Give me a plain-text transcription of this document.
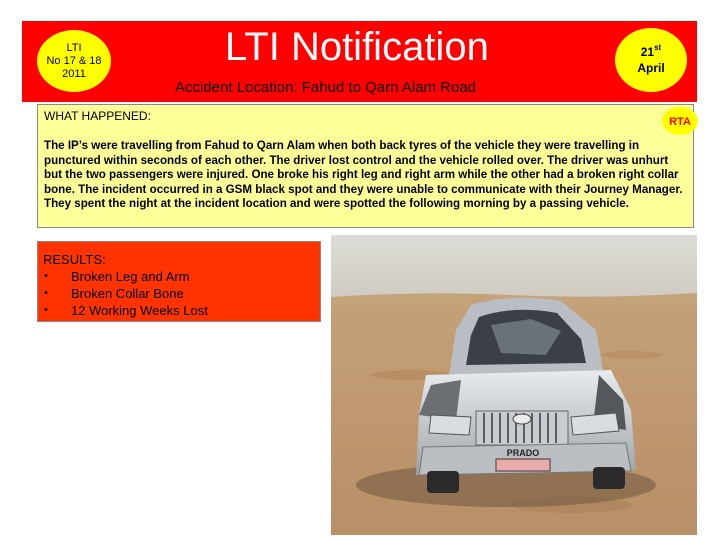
LTI
No 17 & 18
2011
LTI Notification	21st
April
Accident Location: Fahud to Qarn Alam Road
WHAT HAPPENED:
The IP’s were travelling from Fahud to Qarn Alam when both back tyres of the vehicle they were travelling in punctured within seconds of each other. The driver lost control and the vehicle rolled over. The driver was unhurt but the two passengers were injured. One broke his right leg and right arm while the other had a broken right collar bone. The incident occurred in a GSM black spot and they were unable to communicate with their Journey Manager. They spent the night at the incident location and were spotted the following morning by a passing vehicle.
RTA
RESULTS:
• Broken Leg and Arm
• Broken Collar Bone
• 12 Working Weeks Lost
PRADO
